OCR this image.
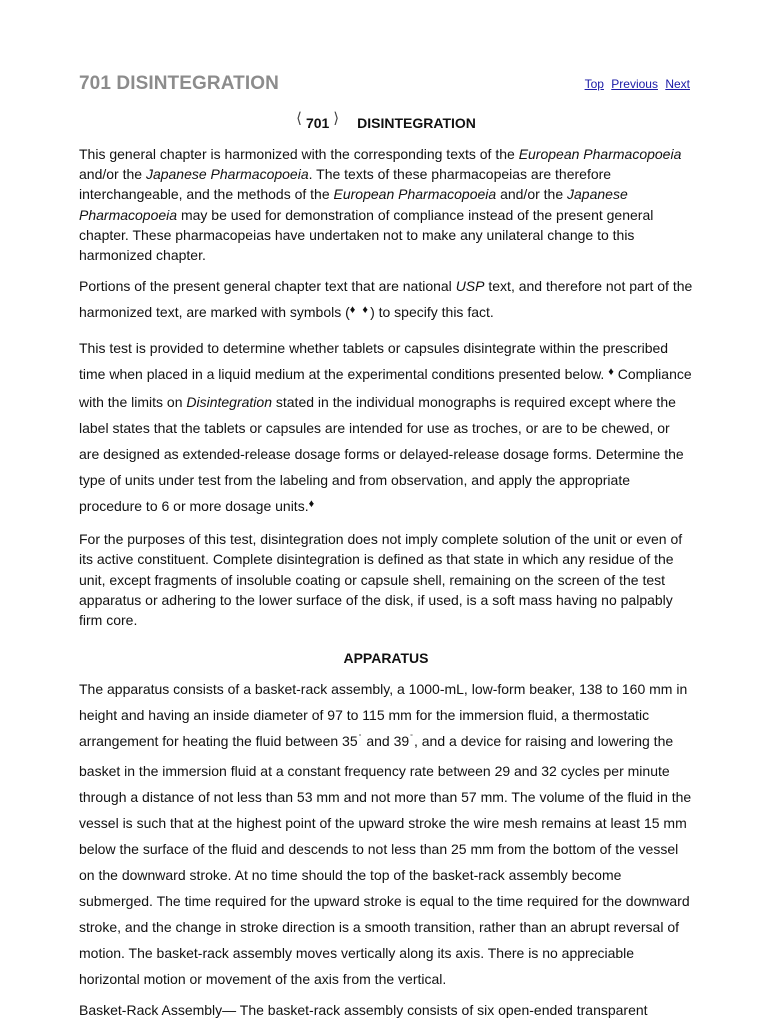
701 DISINTEGRATION	Top Previous Next
⟨ 701 ⟩ DISINTEGRATION

This general chapter is harmonized with the corresponding texts of the European Pharmacopoeia and/or the Japanese Pharmacopoeia. The texts of these pharmacopeias are therefore interchangeable, and the methods of the European Pharmacopoeia and/or the Japanese Pharmacopoeia may be used for demonstration of compliance instead of the present general chapter. These pharmacopeias have undertaken not to make any unilateral change to this harmonized chapter.

Portions of the present general chapter text that are national USP text, and therefore not part of the harmonized text, are marked with symbols (♦ ♦) to specify this fact.

This test is provided to determine whether tablets or capsules disintegrate within the prescribed time when placed in a liquid medium at the experimental conditions presented below. ♦ Compliance with the limits on Disintegration stated in the individual monographs is required except where the label states that the tablets or capsules are intended for use as troches, or are to be chewed, or are designed as extended-release dosage forms or delayed-release dosage forms. Determine the type of units under test from the labeling and from observation, and apply the appropriate procedure to 6 or more dosage units.♦

For the purposes of this test, disintegration does not imply complete solution of the unit or even of its active constituent. Complete disintegration is defined as that state in which any residue of the unit, except fragments of insoluble coating or capsule shell, remaining on the screen of the test apparatus or adhering to the lower surface of the disk, if used, is a soft mass having no palpably firm core.

APPARATUS

The apparatus consists of a basket-rack assembly, a 1000-mL, low-form beaker, 138 to 160 mm in height and having an inside diameter of 97 to 115 mm for the immersion fluid, a thermostatic arrangement for heating the fluid between 35° and 39°, and a device for raising and lowering the basket in the immersion fluid at a constant frequency rate between 29 and 32 cycles per minute through a distance of not less than 53 mm and not more than 57 mm. The volume of the fluid in the vessel is such that at the highest point of the upward stroke the wire mesh remains at least 15 mm below the surface of the fluid and descends to not less than 25 mm from the bottom of the vessel on the downward stroke. At no time should the top of the basket-rack assembly become submerged. The time required for the upward stroke is equal to the time required for the downward stroke, and the change in stroke direction is a smooth transition, rather than an abrupt reversal of motion. The basket-rack assembly moves vertically along its axis. There is no appreciable horizontal motion or movement of the axis from the vertical.

Basket-Rack Assembly— The basket-rack assembly consists of six open-ended transparent
